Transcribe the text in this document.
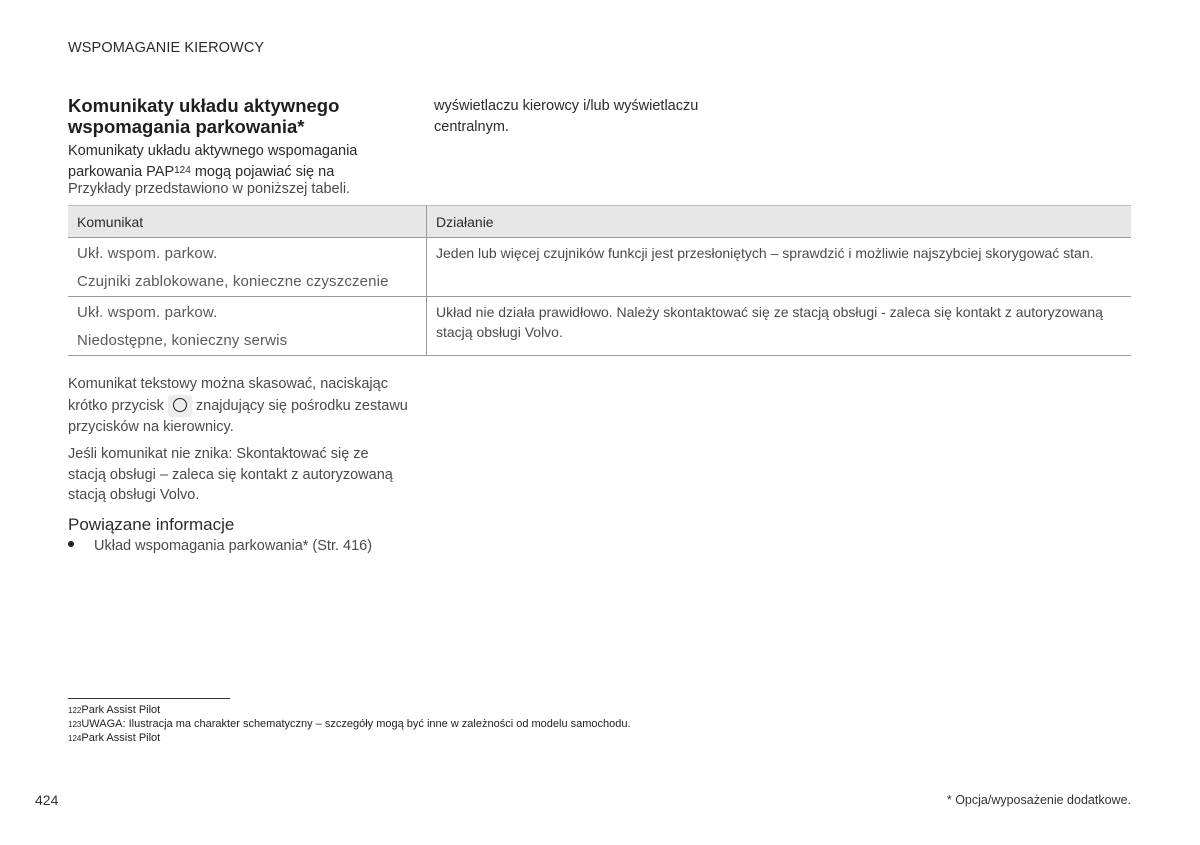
WSPOMAGANIE KIEROWCY
Komunikaty układu aktywnego wspomagania parkowania*
Komunikaty układu aktywnego wspomagania parkowania PAP$^{124}$ mogą pojawiać się na
Przykłady przedstawiono w poniższej tabeli.
wyświetlaczu kierowcy i/lub wyświetlaczu centralnym.
Komunikat	Działanie

Ukł. wspom. parkow.
Czujniki zablokowane, konieczne czyszczenie	Jeden lub więcej czujników funkcji jest przesłoniętych – sprawdzić i możliwie najszybciej skorygować stan.

Ukł. wspom. parkow.
Niedostępne, konieczny serwis	Układ nie działa prawidłowo. Należy skontaktować się ze stacją obsługi - zaleca się kontakt z autoryzowaną stacją obsługi Volvo.
Komunikat tekstowy można skasować, naciskając
krótko przycisk znajdujący się pośrodku zestawu przycisków na kierownicy.
Jeśli komunikat nie znika: Skontaktować się ze stacją obsługi – zaleca się kontakt z autoryzowaną stacją obsługi Volvo.
Powiązane informacje
Układ wspomagania parkowania* (Str. 416)
$^{122}$Park Assist Pilot
$^{123}$UWAGA: Ilustracja ma charakter schematyczny – szczegóły mogą być inne w zależności od modelu samochodu.
$^{124}$Park Assist Pilot
424	* Opcja/wyposażenie dodatkowe.
